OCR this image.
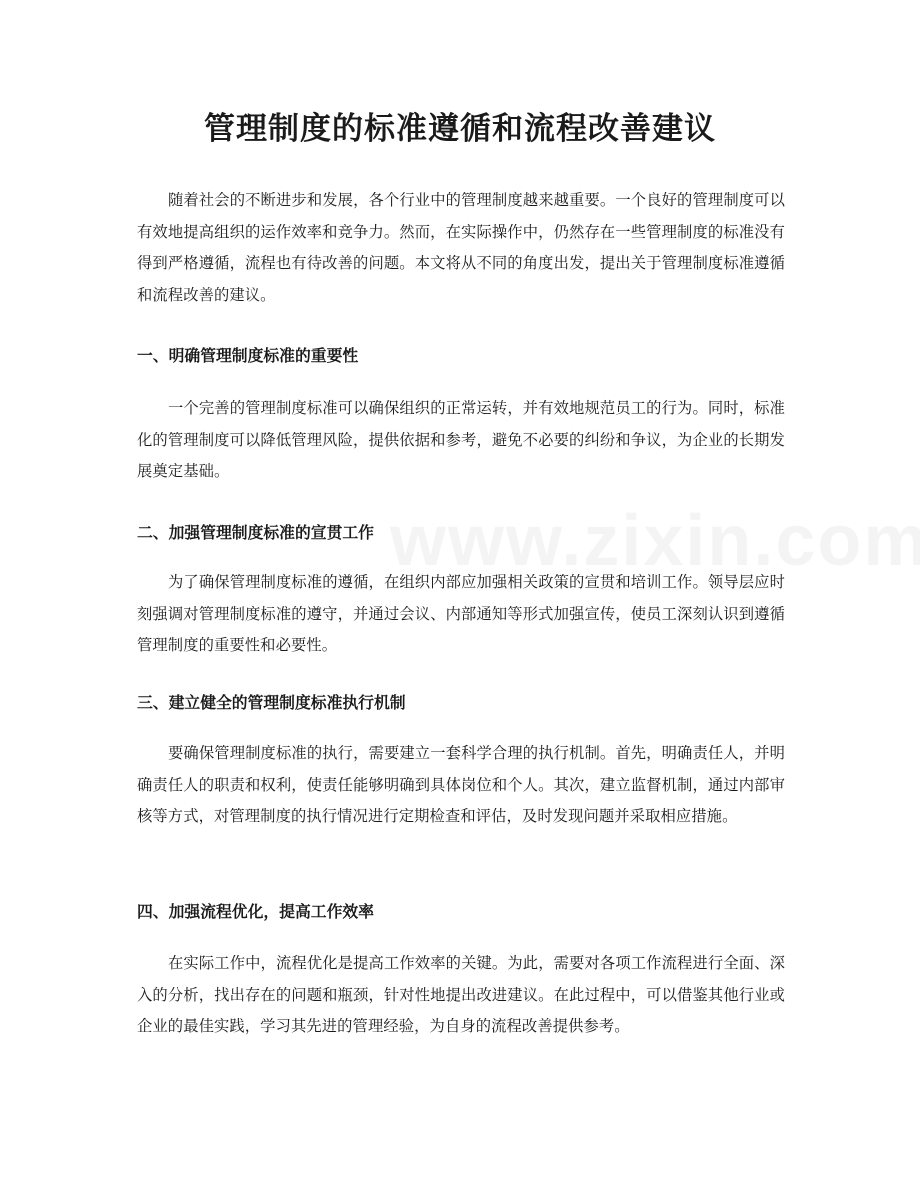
管理制度的标准遵循和流程改善建议

随着社会的不断进步和发展，各个行业中的管理制度越来越重要。一个良好的管理制度可以有效地提高组织的运作效率和竞争力。然而，在实际操作中，仍然存在一些管理制度的标准没有得到严格遵循，流程也有待改善的问题。本文将从不同的角度出发，提出关于管理制度标准遵循和流程改善的建议。

一、明确管理制度标准的重要性

一个完善的管理制度标准可以确保组织的正常运转，并有效地规范员工的行为。同时，标准化的管理制度可以降低管理风险，提供依据和参考，避免不必要的纠纷和争议，为企业的长期发展奠定基础。

二、加强管理制度标准的宣贯工作

为了确保管理制度标准的遵循，在组织内部应加强相关政策的宣贯和培训工作。领导层应时刻强调对管理制度标准的遵守，并通过会议、内部通知等形式加强宣传，使员工深刻认识到遵循管理制度的重要性和必要性。

三、建立健全的管理制度标准执行机制

要确保管理制度标准的执行，需要建立一套科学合理的执行机制。首先，明确责任人，并明确责任人的职责和权利，使责任能够明确到具体岗位和个人。其次，建立监督机制，通过内部审核等方式，对管理制度的执行情况进行定期检查和评估，及时发现问题并采取相应措施。

四、加强流程优化，提高工作效率

在实际工作中，流程优化是提高工作效率的关键。为此，需要对各项工作流程进行全面、深入的分析，找出存在的问题和瓶颈，针对性地提出改进建议。在此过程中，可以借鉴其他行业或企业的最佳实践，学习其先进的管理经验，为自身的流程改善提供参考。
